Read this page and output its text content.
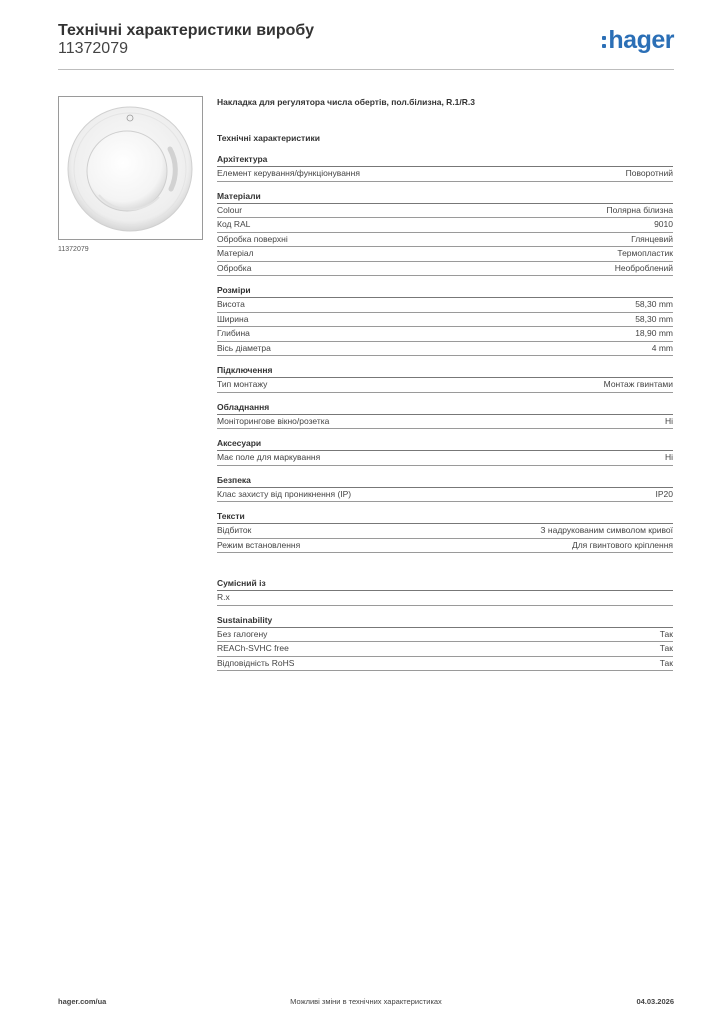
Технічні характеристики виробу
11372079	hager
11372079
Накладка для регулятора числа обертів, пол.білизна, R.1/R.3
Технічні характеристики
Архітектура
Елемент керування/функціонування	Поворотний
Матеріали
Colour	Полярна білизна
Код RAL	9010
Обробка поверхні	Глянцевий
Матеріал	Термопластик
Обробка	Необроблений
Розміри
Висота	58,30 mm
Ширина	58,30 mm
Глибина	18,90 mm
Вісь діаметра	4 mm
Підключення
Тип монтажу	Монтаж гвинтами
Обладнання
Моніторингове вікно/розетка	Ні
Аксесуари
Має поле для маркування	Ні
Безпека
Клас захисту від проникнення (IP)	IP20
Тексти
Відбиток	З надрукованим символом кривої
Режим встановлення	Для гвинтового кріплення
Сумісний із
R.x
Sustainability
Без галогену	Так
REACh-SVHC free	Так
Відповідність RoHS	Так
hager.com/ua	Можливі зміни в технічних характеристиках	04.03.2026
